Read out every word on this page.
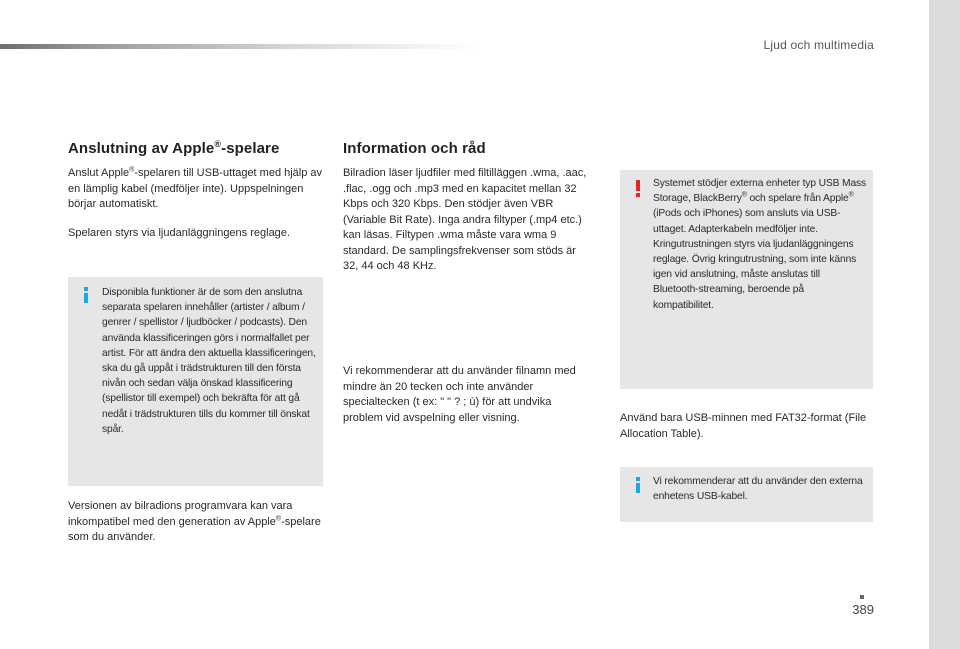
Ljud och multimedia
389
Anslutning av Apple®-spelare

Anslut Apple®-spelaren till USB-uttaget med hjälp av en lämplig kabel (medföljer inte). Uppspelningen börjar automatiskt.

Spelaren styrs via ljudanläggningens reglage.

Disponibla funktioner är de som den anslutna separata spelaren innehåller (artister / album / genrer / spellistor / ljudböcker / podcasts). Den använda klassificeringen görs i normalfallet per artist. För att ändra den aktuella klassificeringen, ska du gå uppåt i trädstrukturen till den första nivån och sedan välja önskad klassificering (spellistor till exempel) och bekräfta för att gå nedåt i trädstrukturen tills du kommer till önskat spår.

Versionen av bilradions programvara kan vara inkompatibel med den generation av Apple®-spelare som du använder.

Information och råd

Bilradion läser ljudfiler med filtilläggen .wma, .aac, .flac, .ogg och .mp3 med en kapacitet mellan 32 Kbps och 320 Kbps. Den stödjer även VBR (Variable Bit Rate). Inga andra filtyper (.mp4 etc.) kan läsas. Filtypen .wma måste vara wma 9 standard. De samplingsfrekvenser som stöds är 32, 44 och 48 KHz.

Vi rekommenderar att du använder filnamn med mindre än 20 tecken och inte använder specialtecken (t ex: " " ? ; ù) för att undvika problem vid avspelning eller visning.

Systemet stödjer externa enheter typ USB Mass Storage, BlackBerry® och spelare från Apple® (iPods och iPhones) som ansluts via USB-uttaget. Adapterkabeln medföljer inte. Kringutrustningen styrs via ljudanläggningens reglage. Övrig kringutrustning, som inte känns igen vid anslutning, måste anslutas till Bluetooth-streaming, beroende på kompatibilitet.

Använd bara USB-minnen med FAT32-format (File Allocation Table).

Vi rekommenderar att du använder den externa enhetens USB-kabel.
